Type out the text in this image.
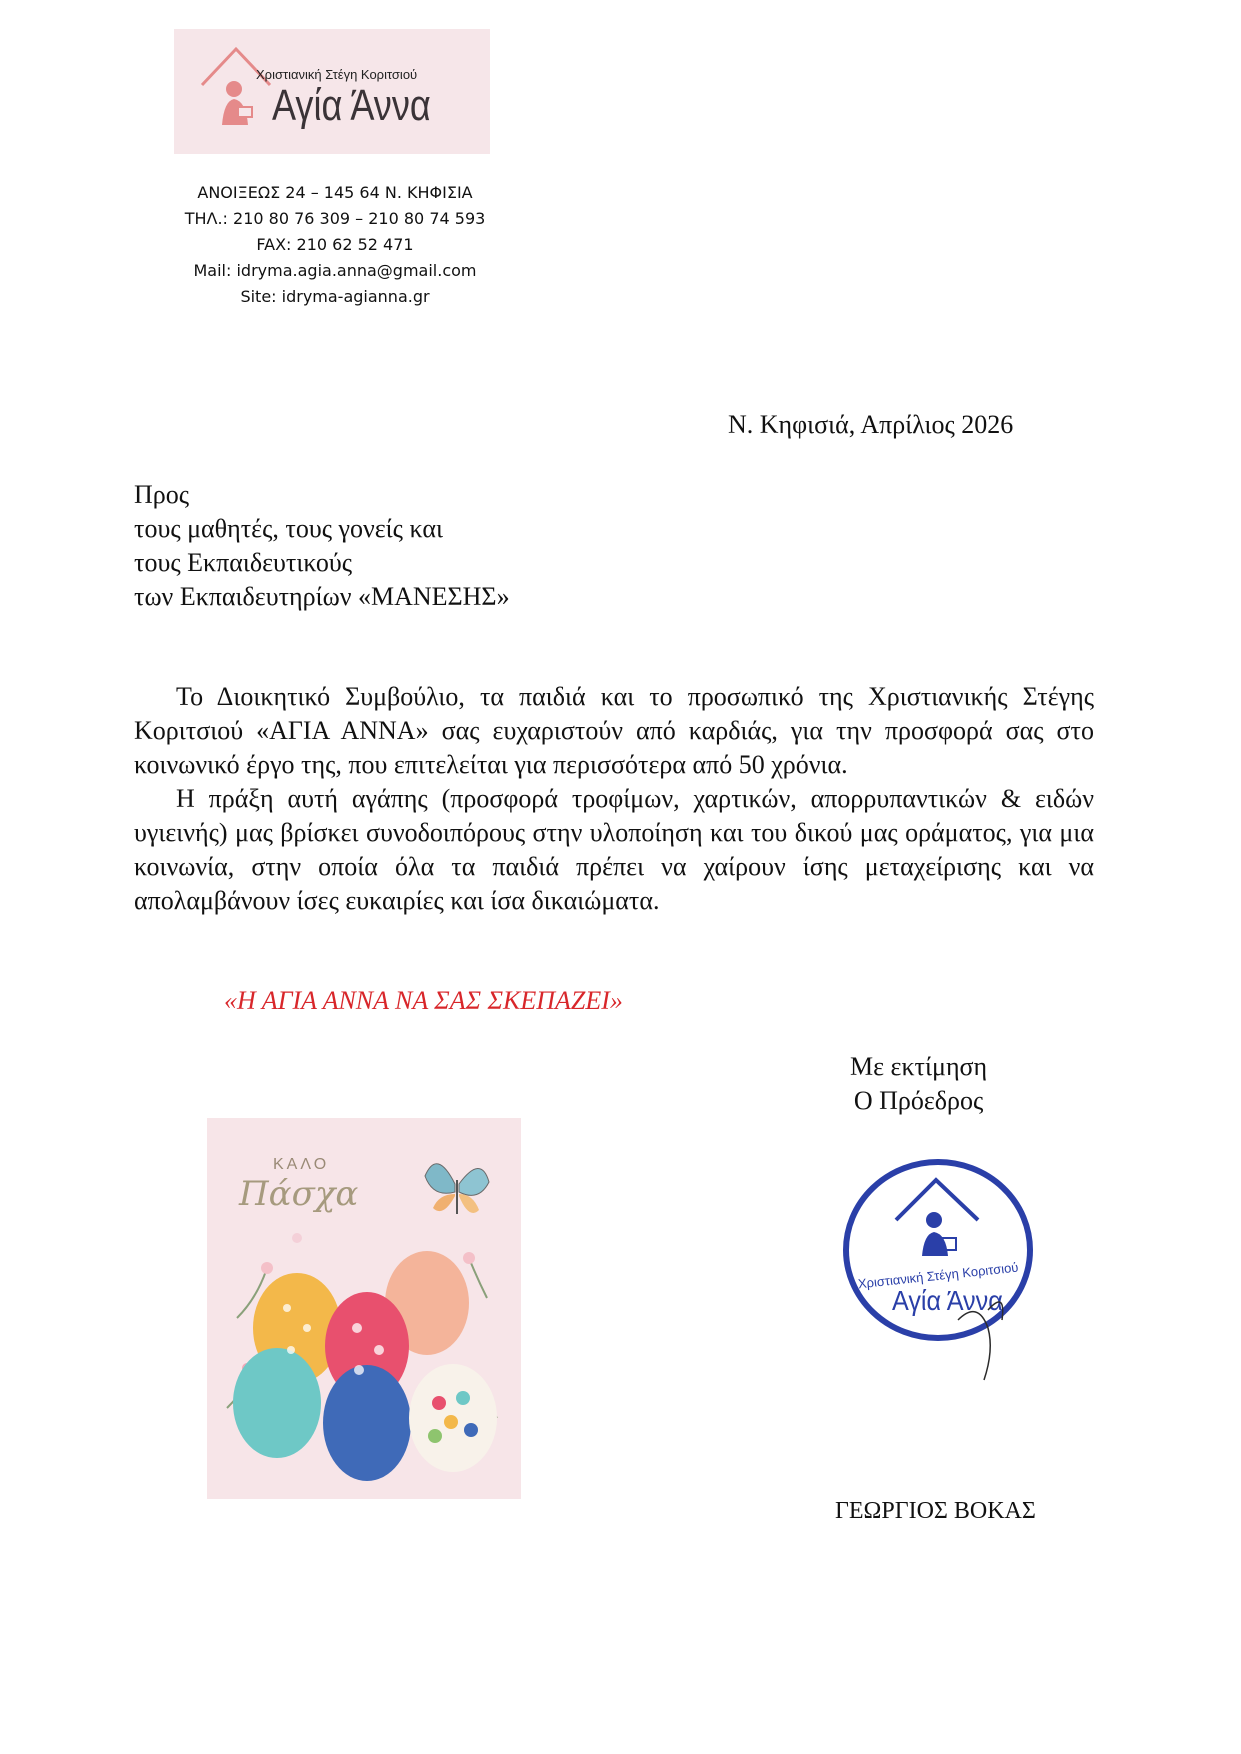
Χριστιανική Στέγη Κοριτσιού
Αγία Άννα
ΑΝΟΙΞΕΩΣ 24 – 145 64 Ν. ΚΗΦΙΣΙΑ
ΤΗΛ.: 210 80 76 309 – 210 80 74 593
FAX: 210 62 52 471
Mail: idryma.agia.anna@gmail.com
Site: idryma-agianna.gr
Ν. Κηφισιά, Απρίλιος 2026
Προς
τους μαθητές, τους γονείς και
τους Εκπαιδευτικούς
των Εκπαιδευτηρίων «ΜΑΝΕΣΗΣ»

Το Διοικητικό Συμβούλιο, τα παιδιά και το προσωπικό της Χριστιανικής Στέγης Κοριτσιού «ΑΓΙΑ ΑΝΝΑ» σας ευχαριστούν από καρδιάς, για την προσφορά σας στο κοινωνικό έργο της, που επιτελείται για περισσότερα από 50 χρόνια.

Η πράξη αυτή αγάπης (προσφορά τροφίμων, χαρτικών, απορρυπαντικών & ειδών υγιεινής) μας βρίσκει συνοδοιπόρους στην υλοποίηση και του δικού μας οράματος, για μια κοινωνία, στην οποία όλα τα παιδιά πρέπει να χαίρουν ίσης μεταχείρισης και να απολαμβάνουν ίσες ευκαιρίες και ίσα δικαιώματα.

«Η ΑΓΙΑ ΑΝΝΑ ΝΑ ΣΑΣ ΣΚΕΠΑΖΕΙ»
Με εκτίμηση
Ο Πρόεδρος
ΚΑΛΟ
Πάσχα
Χριστιανική Στέγη Κοριτσιού
Αγία Άννα
ΓΕΩΡΓΙΟΣ ΒΟΚΑΣ
